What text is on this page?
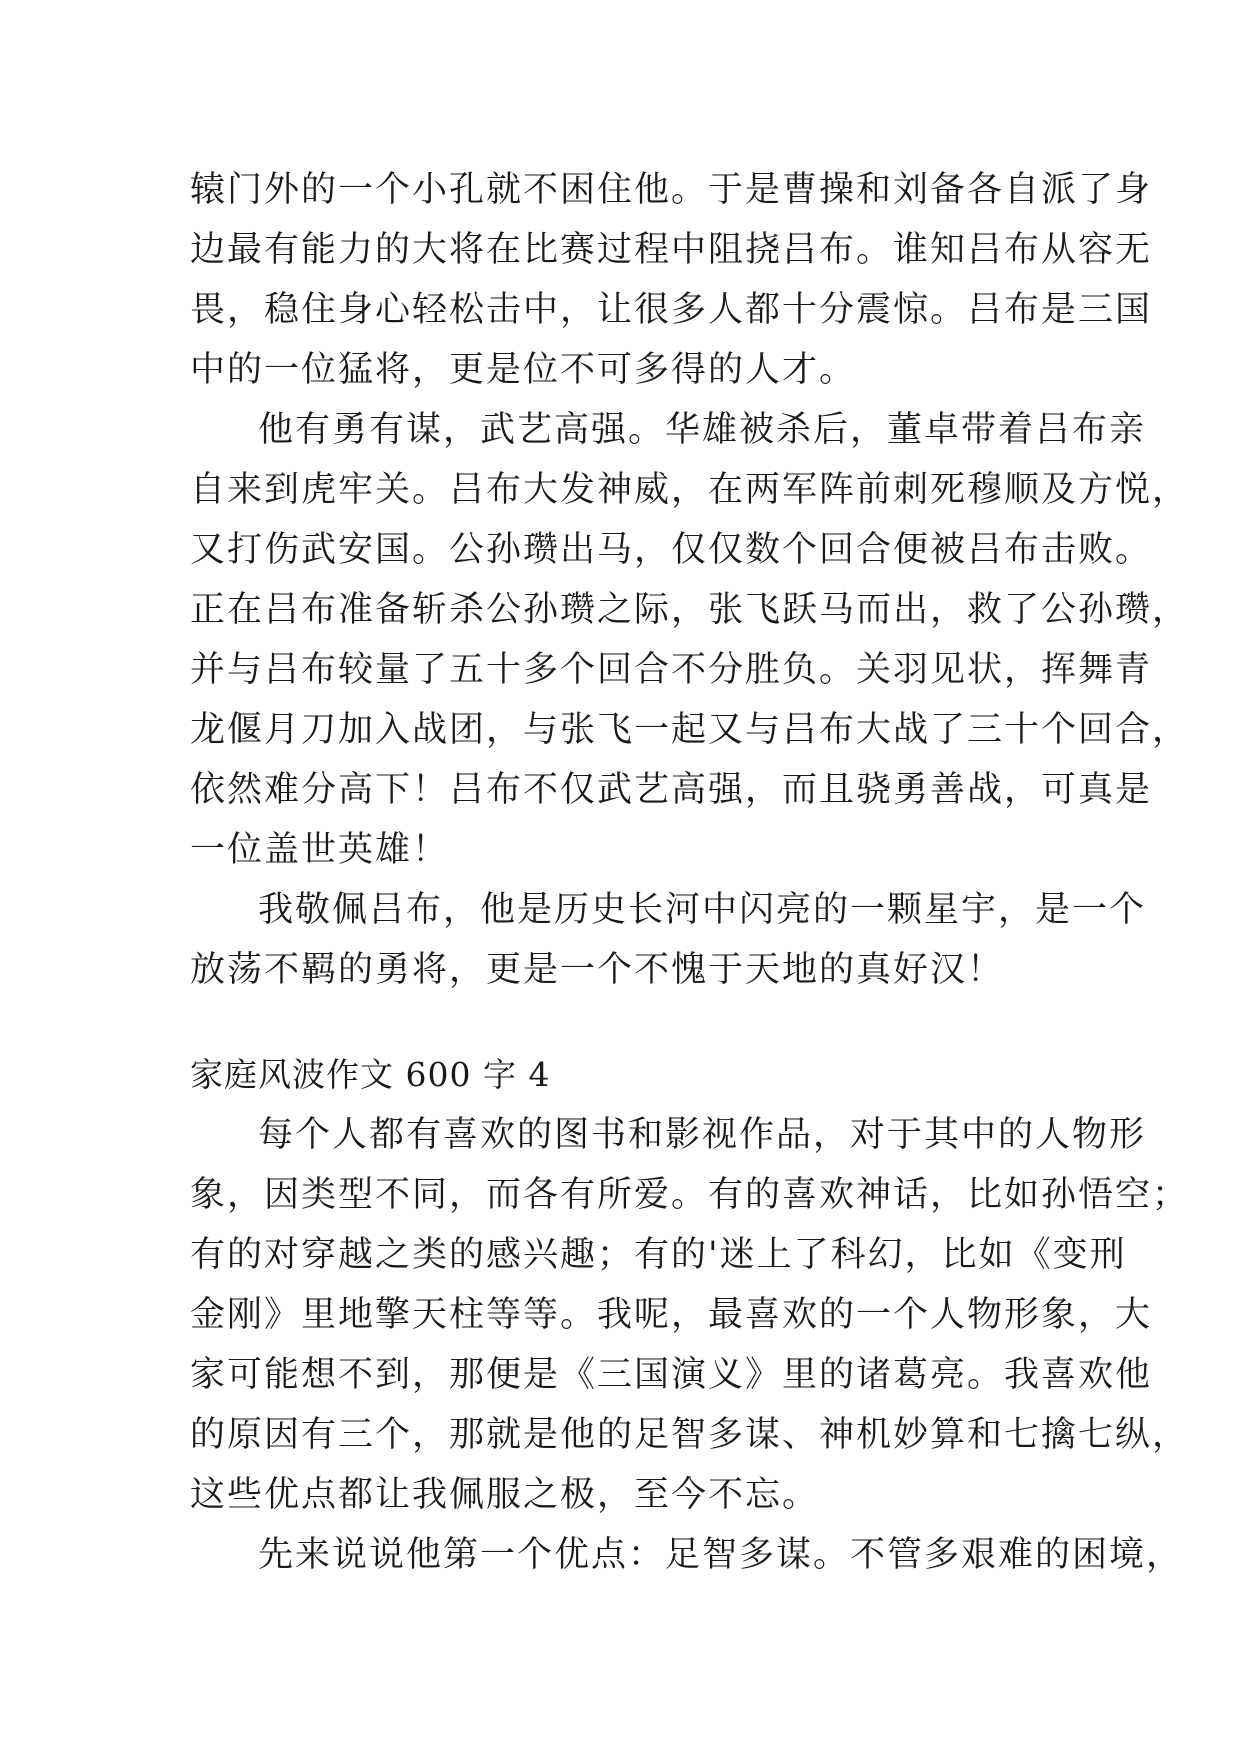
辕门外的一个小孔就不困住他。于是曹操和刘备各自派了身
边最有能力的大将在比赛过程中阻挠吕布。谁知吕布从容无
畏，稳住身心轻松击中，让很多人都十分震惊。吕布是三国
中的一位猛将，更是位不可多得的人才。
他有勇有谋，武艺高强。华雄被杀后，董卓带着吕布亲
自来到虎牢关。吕布大发神威，在两军阵前刺死穆顺及方悦，
又打伤武安国。公孙瓒出马，仅仅数个回合便被吕布击败。
正在吕布准备斩杀公孙瓒之际，张飞跃马而出，救了公孙瓒，
并与吕布较量了五十多个回合不分胜负。关羽见状，挥舞青
龙偃月刀加入战团，与张飞一起又与吕布大战了三十个回合，
依然难分高下！吕布不仅武艺高强，而且骁勇善战，可真是
一位盖世英雄！
我敬佩吕布，他是历史长河中闪亮的一颗星宇，是一个
放荡不羁的勇将，更是一个不愧于天地的真好汉！
家庭风波作文 600 字 4
每个人都有喜欢的图书和影视作品，对于其中的人物形
象，因类型不同，而各有所爱。有的喜欢神话，比如孙悟空；
有的对穿越之类的感兴趣；有的'迷上了科幻，比如《变刑
金刚》里地擎天柱等等。我呢，最喜欢的一个人物形象，大
家可能想不到，那便是《三国演义》里的诸葛亮。我喜欢他
的原因有三个，那就是他的足智多谋、神机妙算和七擒七纵，
这些优点都让我佩服之极，至今不忘。
先来说说他第一个优点：足智多谋。不管多艰难的困境，
